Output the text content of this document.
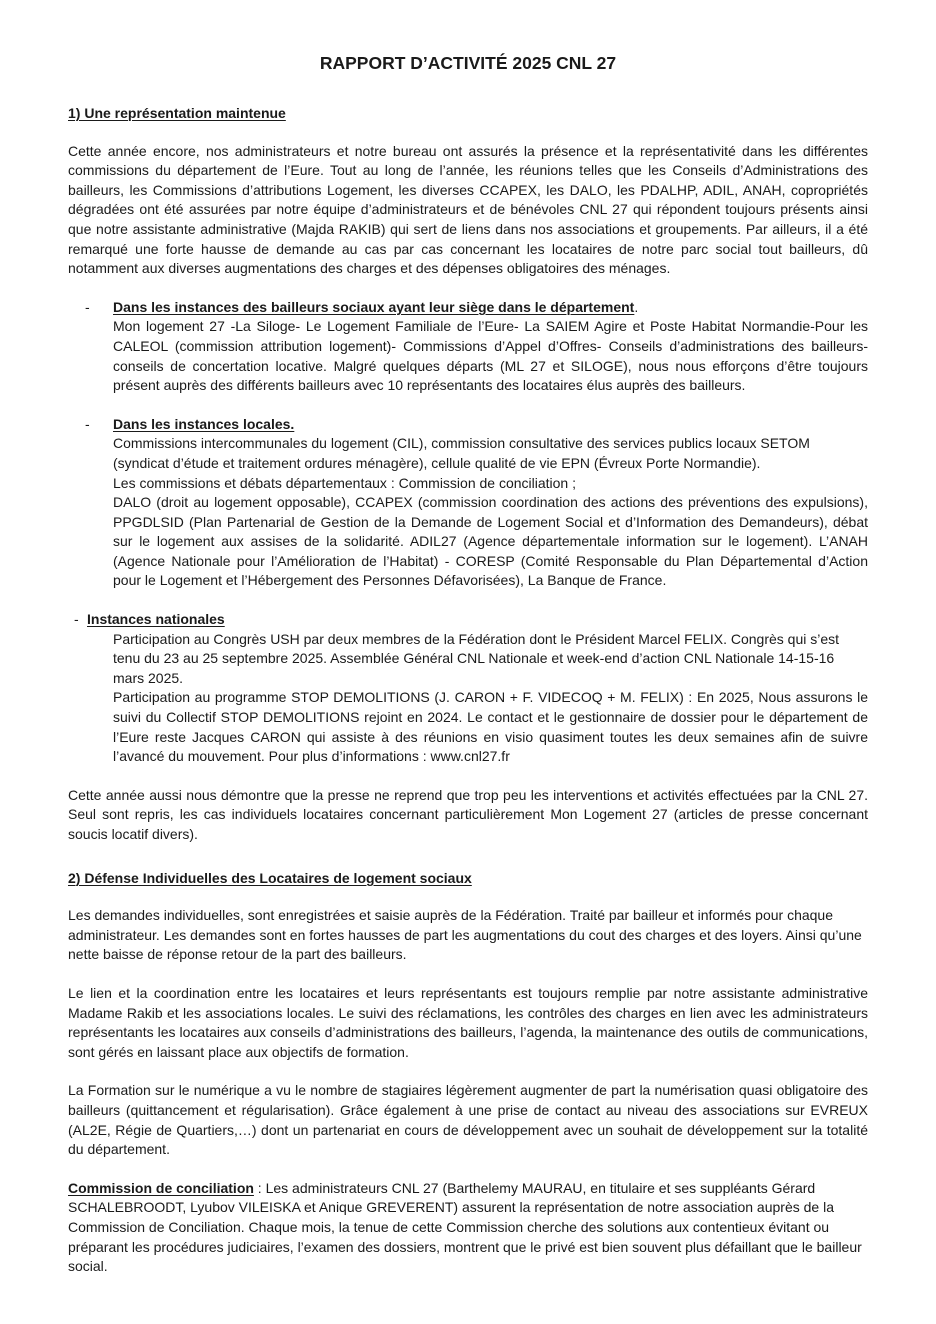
RAPPORT D’ACTIVITÉ 2025 CNL 27
1) Une représentation maintenue

Cette année encore, nos administrateurs et notre bureau ont assurés la présence et la représentativité dans les différentes commissions du département de l’Eure. Tout au long de l’année, les réunions telles que les Conseils d’Administrations des bailleurs, les Commissions d’attributions Logement, les diverses CCAPEX, les DALO, les PDALHP, ADIL, ANAH, copropriétés dégradées ont été assurées par notre équipe d’administrateurs et de bénévoles CNL 27 qui répondent toujours présents ainsi que notre assistante administrative (Majda RAKIB) qui sert de liens dans nos associations et groupements. Par ailleurs, il a été remarqué une forte hausse de demande au cas par cas concernant les locataires de notre parc social tout bailleurs, dû notamment aux diverses augmentations des charges et des dépenses obligatoires des ménages.

-	Dans les instances des bailleurs sociaux ayant leur siège dans le département.

Mon logement 27 -La Siloge- Le Logement Familiale de l’Eure- La SAIEM Agire et Poste Habitat Normandie-Pour les CALEOL (commission attribution logement)- Commissions d’Appel d’Offres- Conseils d’administrations des bailleurs-conseils de concertation locative. Malgré quelques départs (ML 27 et SILOGE), nous nous efforçons d’être toujours présent auprès des différents bailleurs avec 10 représentants des locataires élus auprès des bailleurs.

-	Dans les instances locales.

Commissions intercommunales du logement (CIL), commission consultative des services publics locaux SETOM (syndicat d’étude et traitement ordures ménagère), cellule qualité de vie EPN (Évreux Porte Normandie).

Les commissions et débats départementaux : Commission de conciliation ;

DALO (droit au logement opposable), CCAPEX (commission coordination des actions des préventions des expulsions), PPGDLSID (Plan Partenarial de Gestion de la Demande de Logement Social et d’Information des Demandeurs), débat sur le logement aux assises de la solidarité. ADIL27 (Agence départementale information sur le logement). L’ANAH (Agence Nationale pour l’Amélioration de l’Habitat) - CORESP (Comité Responsable du Plan Départemental d’Action pour le Logement et l’Hébergement des Personnes Défavorisées), La Banque de France.

- Instances nationales

Participation au Congrès USH par deux membres de la Fédération dont le Président Marcel FELIX. Congrès qui s’est tenu du 23 au 25 septembre 2025. Assemblée Général CNL Nationale et week-end d’action CNL Nationale 14-15-16 mars 2025.

Participation au programme STOP DEMOLITIONS (J. CARON + F. VIDECOQ + M. FELIX) : En 2025, Nous assurons le suivi du Collectif STOP DEMOLITIONS rejoint en 2024. Le contact et le gestionnaire de dossier pour le département de l’Eure reste Jacques CARON qui assiste à des réunions en visio quasiment toutes les deux semaines afin de suivre l’avancé du mouvement. Pour plus d’informations : www.cnl27.fr

Cette année aussi nous démontre que la presse ne reprend que trop peu les interventions et activités effectuées par la CNL 27. Seul sont repris, les cas individuels locataires concernant particulièrement Mon Logement 27 (articles de presse concernant soucis locatif divers).

2) Défense Individuelles des Locataires de logement sociaux

Les demandes individuelles, sont enregistrées et saisie auprès de la Fédération. Traité par bailleur et informés pour chaque administrateur. Les demandes sont en fortes hausses de part les augmentations du cout des charges et des loyers. Ainsi qu’une nette baisse de réponse retour de la part des bailleurs.

Le lien et la coordination entre les locataires et leurs représentants est toujours remplie par notre assistante administrative Madame Rakib et les associations locales. Le suivi des réclamations, les contrôles des charges en lien avec les administrateurs représentants les locataires aux conseils d’administrations des bailleurs, l’agenda, la maintenance des outils de communications, sont gérés en laissant place aux objectifs de formation.

La Formation sur le numérique a vu le nombre de stagiaires légèrement augmenter de part la numérisation quasi obligatoire des bailleurs (quittancement et régularisation). Grâce également à une prise de contact au niveau des associations sur EVREUX (AL2E, Régie de Quartiers,…) dont un partenariat en cours de développement avec un souhait de développement sur la totalité du département.

Commission de conciliation : Les administrateurs CNL 27 (Barthelemy MAURAU, en titulaire et ses suppléants Gérard SCHALEBROODT, Lyubov VILEISKA et Anique GREVERENT) assurent la représentation de notre association auprès de la Commission de Conciliation. Chaque mois, la tenue de cette Commission cherche des solutions aux contentieux évitant ou préparant les procédures judiciaires, l’examen des dossiers, montrent que le privé est bien souvent plus défaillant que le bailleur social.
